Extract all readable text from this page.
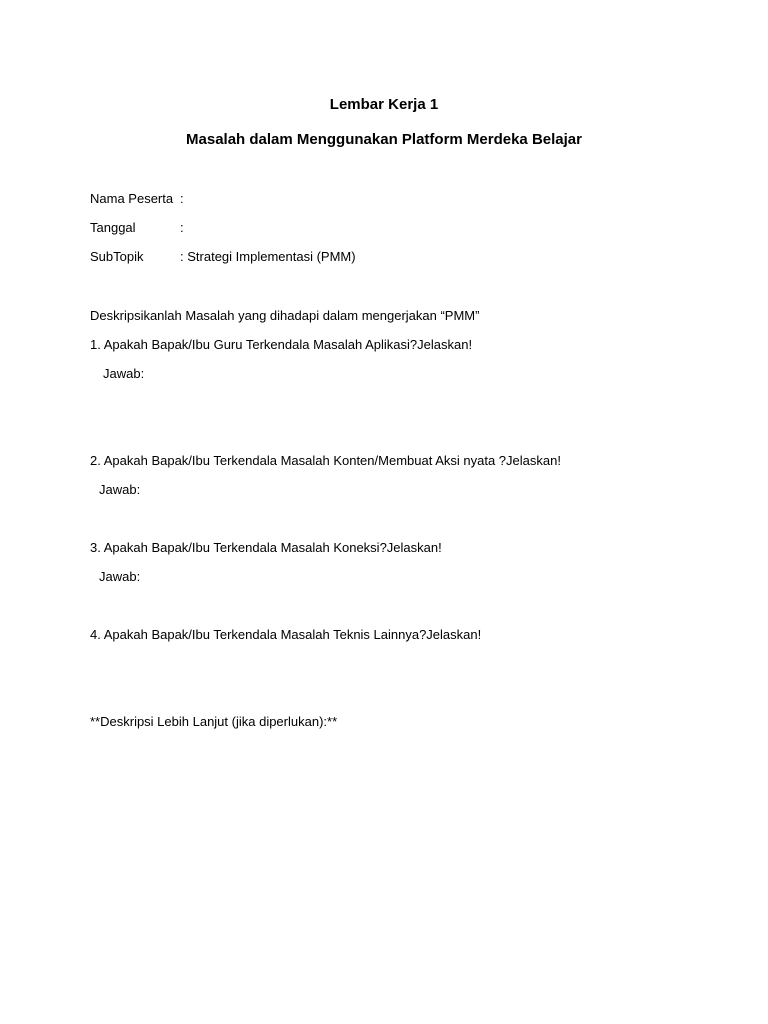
Lembar Kerja 1
Masalah dalam Menggunakan Platform Merdeka Belajar
Nama Peserta :
Tanggal	:
SubTopik	: Strategi Implementasi (PMM)
Deskripsikanlah Masalah yang dihadapi dalam mengerjakan “PMM”
1. Apakah Bapak/Ibu Guru Terkendala Masalah Aplikasi?Jelaskan!
Jawab:
2. Apakah Bapak/Ibu Terkendala Masalah Konten/Membuat Aksi nyata ?Jelaskan!
Jawab:
3. Apakah Bapak/Ibu Terkendala Masalah Koneksi?Jelaskan!
Jawab:
4. Apakah Bapak/Ibu Terkendala Masalah Teknis Lainnya?Jelaskan!
**Deskripsi Lebih Lanjut (jika diperlukan):**
